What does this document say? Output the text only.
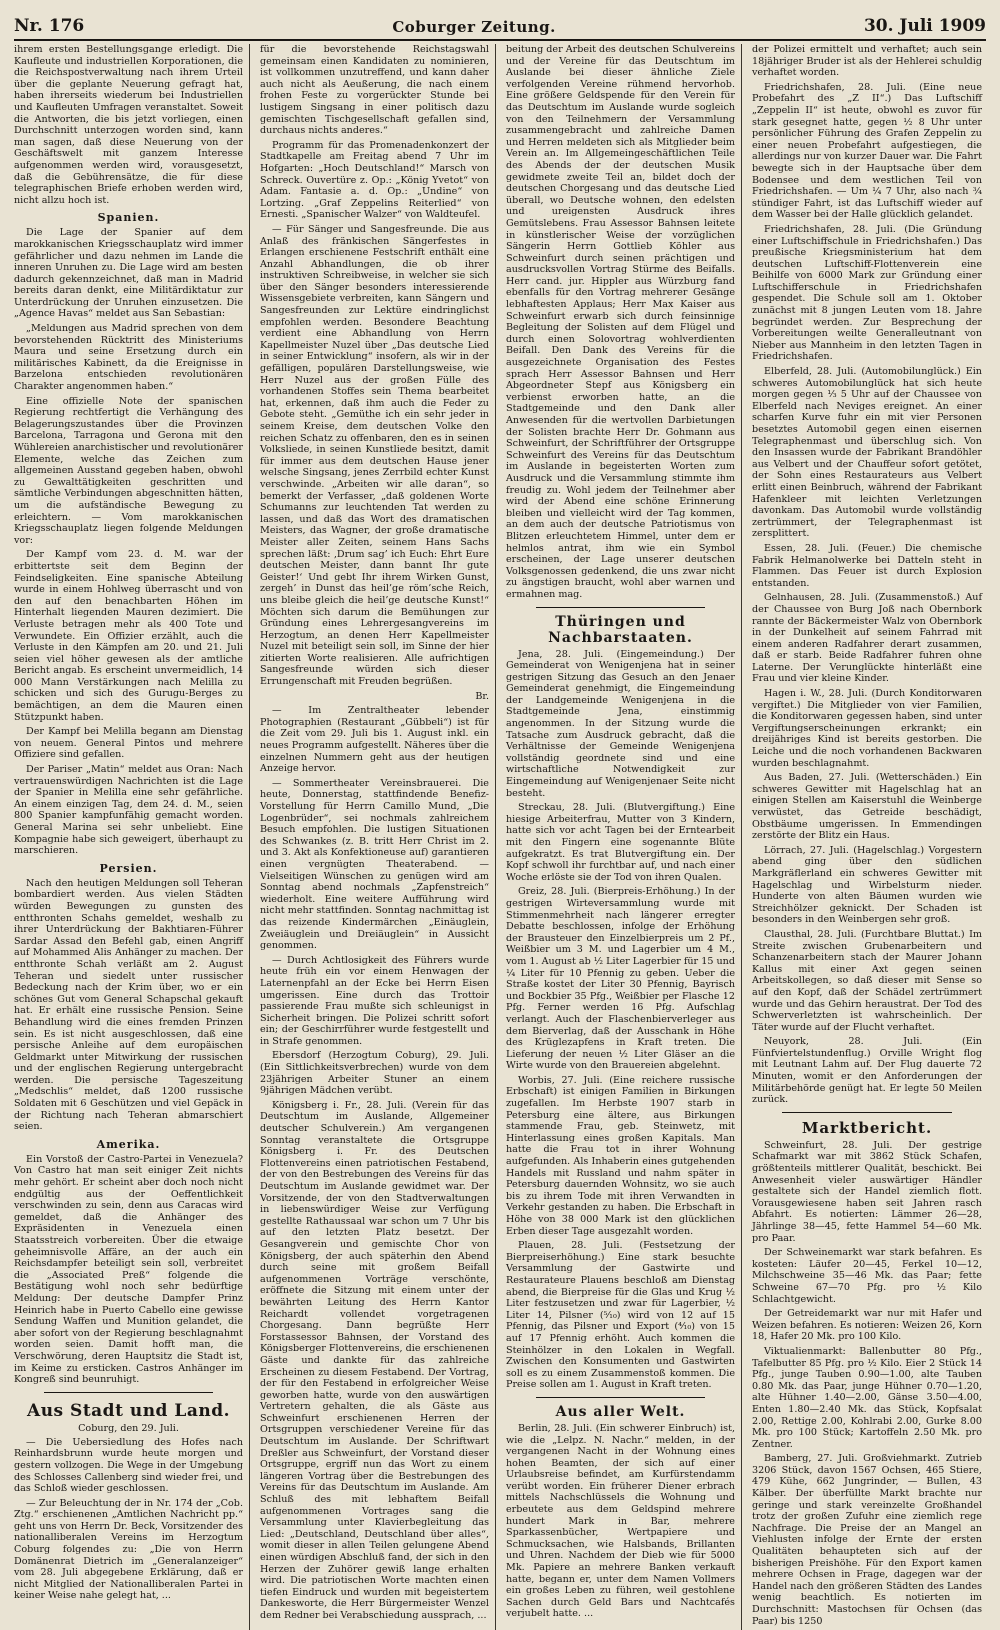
Nr. 176	Coburger Zeitung.	30. Juli 1909

ihrem ersten Bestellungsgange erledigt. Die Kaufleute und industriellen Korporationen, die die Reichspostverwaltung nach ihrem Urteil über die geplante Neuerung gefragt hat, haben ihrerseits wiederum bei Industriellen und Kaufleuten Umfragen veranstaltet. Soweit die Antworten, die bis jetzt vorliegen, einen Durchschnitt unterzogen worden sind, kann man sagen, daß diese Neuerung von der Geschäftswelt mit ganzem Interesse aufgenommen werden wird, vorausgesetzt, daß die Gebührensätze, die für diese telegraphischen Briefe erhoben werden wird, nicht allzu hoch ist.

Spanien.

Die Lage der Spanier auf dem marokkanischen Kriegsschauplatz wird immer gefährlicher und dazu nehmen im Lande die inneren Unruhen zu. Die Lage wird am besten dadurch gekennzeichnet, daß man in Madrid bereits daran denkt, eine Militärdiktatur zur Unterdrückung der Unruhen einzusetzen. Die „Agence Havas“ meldet aus San Sebastian:

„Meldungen aus Madrid sprechen von dem bevorstehenden Rücktritt des Ministeriums Maura und seine Ersetzung durch ein militärisches Kabinett, da die Ereignisse in Barzelona entschieden revolutionären Charakter angenommen haben.“

Eine offizielle Note der spanischen Regierung rechtfertigt die Verhängung des Belagerungszustandes über die Provinzen Barcelona, Tarragona und Gerona mit den Wühlereien anarchistischer und revolutionärer Elemente, welche das Zeichen zum allgemeinen Ausstand gegeben haben, obwohl zu Gewalttätigkeiten geschritten und sämtliche Verbindungen abgeschnitten hätten, um die aufständische Bewegung zu erleichtern. — Vom marokkanischen Kriegsschauplatz liegen folgende Meldungen vor:

Der Kampf vom 23. d. M. war der erbittertste seit dem Beginn der Feindseligkeiten. Eine spanische Abteilung wurde in einem Hohlweg überrascht und von den auf den benachbarten Höhen im Hinterhalt liegenden Mauren dezimiert. Die Verluste betragen mehr als 400 Tote und Verwundete. Ein Offizier erzählt, auch die Verluste in den Kämpfen am 20. und 21. Juli seien viel höher gewesen als der amtliche Bericht angab. Es erscheint unvermeidlich, 14 000 Mann Verstärkungen nach Melilla zu schicken und sich des Gurugu-Berges zu bemächtigen, an dem die Mauren einen Stützpunkt haben.

Der Kampf bei Melilla begann am Dienstag von neuem. General Pintos und mehrere Offiziere sind gefallen.

Der Pariser „Matin“ meldet aus Oran: Nach vertrauenswürdigen Nachrichten ist die Lage der Spanier in Melilla eine sehr gefährliche. An einem einzigen Tag, dem 24. d. M., seien 800 Spanier kampfunfähig gemacht worden. General Marina sei sehr unbeliebt. Eine Kompagnie habe sich geweigert, überhaupt zu marschieren.

Persien.

Nach den heutigen Meldungen soll Teheran bombardiert werden. Aus vielen Städten würden Bewegungen zu gunsten des entthronten Schahs gemeldet, weshalb zu ihrer Unterdrückung der Bakhtiaren-Führer Sardar Assad den Befehl gab, einen Angriff auf Mohammed Alis Anhänger zu machen. Der entthronte Schah verläßt am 2. August Teheran und siedelt unter russischer Bedeckung nach der Krim über, wo er ein schönes Gut vom General Schapschal gekauft hat. Er erhält eine russische Pension. Seine Behandlung wird die eines fremden Prinzen sein. Es ist nicht ausgeschlossen, daß eine persische Anleihe auf dem europäischen Geldmarkt unter Mitwirkung der russischen und der englischen Regierung untergebracht werden. Die persische Tageszeitung „Medschlis“ meldet, daß 1200 russische Soldaten mit 6 Geschützen und viel Gepäck in der Richtung nach Teheran abmarschiert seien.

Amerika.

Ein Vorstoß der Castro-Partei in Venezuela? Von Castro hat man seit einiger Zeit nichts mehr gehört. Er scheint aber doch noch nicht endgültig aus der Oeffentlichkeit verschwinden zu sein, denn aus Caracas wird gemeldet, daß die Anhänger des Expräsidenten in Venezuela einen Staatsstreich vorbereiten. Über die etwaige geheimnisvolle Affäre, an der auch ein Reichsdampfer beteiligt sein soll, verbreitet die „Associated Preß“ folgende die Bestätigung wohl noch sehr bedürftige Meldung: Der deutsche Dampfer Prinz Heinrich habe in Puerto Cabello eine gewisse Sendung Waffen und Munition gelandet, die aber sofort von der Regierung beschlagnahmt worden seien. Damit hofft man, die Verschwörung, deren Hauptsitz die Stadt ist, im Keime zu ersticken. Castros Anhänger im Kongreß sind beunruhigt.

Aus Stadt und Land.
Coburg, den 29. Juli.

— Die Uebersiedlung des Hofes nach Reinhardsbrunn wurde heute morgen und gestern vollzogen. Die Wege in der Umgebung des Schlosses Callenberg sind wieder frei, und das Schloß wieder geschlossen.

— Zur Beleuchtung der in Nr. 174 der „Cob. Ztg.“ erschienenen „Amtlichen Nachricht pp.“ geht uns von Herrn Dr. Beck, Vorsitzender des nationalliberalen Vereins im Herzogtum Coburg folgendes zu: „Die von Herrn Domänenrat Dietrich im „Generalanzeiger“ vom 28. Juli abgegebene Erklärung, daß er nicht Mitglied der Nationalliberalen Partei in keiner Weise nahe gelegt hat, ...

für die bevorstehende Reichstagswahl gemeinsam einen Kandidaten zu nominieren, ist vollkommen unzutreffend, und kann daher auch nicht als Aeußerung, die nach einem frohen Feste zu vorgerückter Stunde bei lustigem Singsang in einer politisch dazu gemischten Tischgesellschaft gefallen sind, durchaus nichts anderes.“

Programm für das Promenadenkonzert der Stadtkapelle am Freitag abend 7 Uhr im Hofgarten: „Hoch Deutschland!“ Marsch von Schreck. Ouvertüre z. Op.: „König Yvetot“ von Adam. Fantasie a. d. Op.: „Undine“ von Lortzing. „Graf Zeppelins Reiterlied“ von Ernesti. „Spanischer Walzer“ von Waldteufel.

— Für Sänger und Sangesfreunde. Die aus Anlaß des fränkischen Sängerfestes in Erlangen erschienene Festschrift enthält eine Anzahl Abhandlungen, die ob ihrer instruktiven Schreibweise, in welcher sie sich über den Sänger besonders interessierende Wissensgebiete verbreiten, kann Sängern und Sangesfreunden zur Lektüre eindringlichst empfohlen werden. Besondere Beachtung verdient eine Abhandlung von Herrn Kapellmeister Nuzel über „Das deutsche Lied in seiner Entwicklung“ insofern, als wir in der gefälligen, populären Darstellungsweise, wie Herr Nuzel aus der großen Fülle des vorhandenen Stoffes sein Thema bearbeitet hat, erkennen, daß ihm auch die Feder zu Gebote steht. „Gemüthe ich ein sehr jeder in seinem Kreise, dem deutschen Volke den reichen Schatz zu offenbaren, den es in seinen Volksliede, in seinen Kunstliede besitzt, damit für immer aus dem deutschen Hause jener welsche Singsang, jenes Zerrbild echter Kunst verschwinde. „Arbeiten wir alle daran“, so bemerkt der Verfasser, „daß goldenen Worte Schumanns zur leuchtenden Tat werden zu lassen, und daß das Wort des dramatischen Meisters, das Wagner, der große dramatische Meister aller Zeiten, seinem Hans Sachs sprechen läßt: ‚Drum sag’ ich Euch: Ehrt Eure deutschen Meister, dann bannt Ihr gute Geister!‘ Und gebt Ihr ihrem Wirken Gunst, zergeh’ in Dunst das heil’ge röm’sche Reich, uns bleibe gleich die heil’ge deutsche Kunst!“ Möchten sich darum die Bemühungen zur Gründung eines Lehrergesangvereins im Herzogtum, an denen Herr Kapellmeister Nuzel mit beteiligt sein soll, im Sinne der hier zitierten Worte realisieren. Alle aufrichtigen Sangesfreunde würden sich dieser Errungenschaft mit Freuden begrüßen.

Br.

— Im Zentraltheater lebender Photographien (Restaurant „Gübbeli“) ist für die Zeit vom 29. Juli bis 1. August inkl. ein neues Programm aufgestellt. Näheres über die einzelnen Nummern geht aus der heutigen Anzeige hervor.

— Sommertheater Vereinsbrauerei. Die heute, Donnerstag, stattfindende Benefiz-Vorstellung für Herrn Camillo Mund, „Die Logenbrüder“, sei nochmals zahlreichem Besuch empfohlen. Die lustigen Situationen des Schwankes (z. B. tritt Herr Christ im 2. und 3. Akt als Konfektioneuse auf) garantieren einen vergnügten Theaterabend. — Vielseitigen Wünschen zu genügen wird am Sonntag abend nochmals „Zapfenstreich“ wiederholt. Eine weitere Aufführung wird nicht mehr stattfinden. Sonntag nachmittag ist das reizende Kindermärchen „Einäuglein, Zweiäuglein und Dreiäuglein“ in Aussicht genommen.

— Durch Achtlosigkeit des Führers wurde heute früh ein vor einem Henwagen der Laternenpfahl an der Ecke bei Herrn Eisen umgerissen. Eine durch das Trottoir passierende Frau mußte sich schleunigst in Sicherheit bringen. Die Polizei schritt sofort ein; der Geschirrführer wurde festgestellt und in Strafe genommen.

Ebersdorf (Herzogtum Coburg), 29. Juli. (Ein Sittlichkeitsverbrechen) wurde von dem 23jährigen Arbeiter Stuner an einem 9jährigen Mädchen verübt.

Königsberg i. Fr., 28. Juli. (Verein für das Deutschtum im Auslande, Allgemeiner deutscher Schulverein.) Am vergangenen Sonntag veranstaltete die Ortsgruppe Königsberg i. Fr. des Deutschen Flottenvereins einen patriotischen Festabend, der von den Bestrebungen des Vereins für das Deutschtum im Auslande gewidmet war. Der Vorsitzende, der von den Stadtverwaltungen in liebenswürdiger Weise zur Verfügung gestellte Rathaussaal war schon um 7 Uhr bis auf den letzten Platz besetzt. Der Gesangverein und gemischte Chor von Königsberg, der auch späterhin den Abend durch seine mit großem Beifall aufgenommenen Vorträge verschönte, eröffnete die Sitzung mit einem unter der bewährten Leitung des Herrn Kantor Reichardt vollendet vorgetragenen Chorgesang. Dann begrüßte Herr Forstassessor Bahnsen, der Vorstand des Königsberger Flottenvereins, die erschienenen Gäste und dankte für das zahlreiche Erscheinen zu diesem Festabend. Der Vortrag, der für den Festabend in erfolgreicher Weise geworben hatte, wurde von den auswärtigen Vertretern gehalten, die als Gäste aus Schweinfurt erschienenen Herren der Ortsgruppen verschiedener Vereine für das Deutschtum im Auslande. Der Schriftwart Dreßler aus Schweinfurt, der Vorstand dieser Ortsgruppe, ergriff nun das Wort zu einem längeren Vortrag über die Bestrebungen des Vereins für das Deutschtum im Auslande. Am Schluß des mit lebhaftem Beifall aufgenommenen Vortrages sang die Versammlung unter Klavierbegleitung das Lied: „Deutschland, Deutschland über alles“, womit dieser in allen Teilen gelungene Abend einen würdigen Abschluß fand, der sich in den Herzen der Zuhörer gewiß lange erhalten wird. Die patriotischen Worte machten einen tiefen Eindruck und wurden mit begeistertem Dankesworte, die Herr Bürgermeister Wenzel dem Redner bei Verabschiedung aussprach, ...

beitung der Arbeit des deutschen Schulvereins und der Vereine für das Deutschtum im Auslande bei dieser ähnliche Ziele verfolgenden Vereine rühmend hervorhob. Eine größere Geldspende für den Verein für das Deutschtum im Auslande wurde sogleich von den Teilnehmern der Versammlung zusammengebracht und zahlreiche Damen und Herren meldeten sich als Mitglieder beim Verein an. Im Allgemeingeschäftlichen Teile des Abends der der deutschen Musik gewidmete zweite Teil an, bildet doch der deutschen Chorgesang und das deutsche Lied überall, wo Deutsche wohnen, den edelsten und ureigensten Ausdruck ihres Gemütslebens. Frau Assessor Bahnsen leitete in künstlerischer Weise der vorzüglichen Sängerin Herrn Gottlieb Köhler aus Schweinfurt durch seinen prächtigen und ausdrucksvollen Vortrag Stürme des Beifalls. Herr cand. jur. Hippler aus Würzburg fand ebenfalls für den Vortrag mehrerer Gesänge lebhaftesten Applaus; Herr Max Kaiser aus Schweinfurt erwarb sich durch feinsinnige Begleitung der Solisten auf dem Flügel und durch einen Solovortrag wohlverdienten Beifall. Den Dank des Vereins für die ausgezeichnete Organisation des Festes sprach Herr Assessor Bahnsen und Herr Abgeordneter Stepf aus Königsberg ein verbienst erworben hatte, an die Stadtgemeinde und den Dank aller Anwesenden für die wertvollen Darbietungen der Solisten brachte Herr Dr. Gohmann aus Schweinfurt, der Schriftführer der Ortsgruppe Schweinfurt des Vereins für das Deutschtum im Auslande in begeisterten Worten zum Ausdruck und die Versammlung stimmte ihm freudig zu. Wohl jedem der Teilnehmer aber wird der Abend eine schöne Erinnerung bleiben und vielleicht wird der Tag kommen, an dem auch der deutsche Patriotismus von Blitzen erleuchtetem Himmel, unter dem er helmlos antrat, ihm wie ein Symbol erscheinen, der Lage unserer deutschen Volksgenossen gedenkend, die uns zwar nicht zu ängstigen braucht, wohl aber warnen und ermahnen mag.

Thüringen und Nachbarstaaten.

Jena, 28. Juli. (Eingemeindung.) Der Gemeinderat von Wenigenjena hat in seiner gestrigen Sitzung das Gesuch an den Jenaer Gemeinderat genehmigt, die Eingemeindung der Landgemeinde Wenigenjena in die Stadtgemeinde Jena, einstimmig angenommen. In der Sitzung wurde die Tatsache zum Ausdruck gebracht, daß die Verhältnisse der Gemeinde Wenigenjena vollständig geordnete sind und eine wirtschaftliche Notwendigkeit zur Eingemeindung auf Wenigenjenaer Seite nicht besteht.

Streckau, 28. Juli. (Blutvergiftung.) Eine hiesige Arbeiterfrau, Mutter von 3 Kindern, hatte sich vor acht Tagen bei der Erntearbeit mit den Fingern eine sogenannte Blüte aufgekratzt. Es trat Blutvergiftung ein. Der Kopf schwoll ihr furchtbar auf, und nach einer Woche erlöste sie der Tod von ihren Qualen.

Greiz, 28. Juli. (Bierpreis-Erhöhung.) In der gestrigen Wirteversammlung wurde mit Stimmenmehrheit nach längerer erregter Debatte beschlossen, infolge der Erhöhung der Brausteuer den Einzelbierpreis um 2 Pf., Weißbier um 3 M. und Lagerbier um 4 M., vom 1. August ab ½ Liter Lagerbier für 15 und ¼ Liter für 10 Pfennig zu geben. Ueber die Straße kostet der Liter 30 Pfennig, Bayrisch und Bockbier 35 Pfg., Weißbier per Flasche 12 Pfg. Ferner werden 16 Pfg. Aufschlag verlangt. Auch der Flaschenbierverleger aus dem Bierverlag, daß der Ausschank in Höhe des Krüglezapfens in Kraft treten. Die Lieferung der neuen ½ Liter Gläser an die Wirte wurde von den Brauereien abgelehnt.

Worbis, 27. Juli. (Eine reichere russische Erbschaft) ist einigen Familien in Birkungen zugefallen. Im Herbste 1907 starb in Petersburg eine ältere, aus Birkungen stammende Frau, geb. Steinwetz, mit Hinterlassung eines großen Kapitals. Man hatte die Frau tot in ihrer Wohnung aufgefunden. Als Inhaberin eines gutgehenden Handels mit Russland und nahm später in Petersburg dauernden Wohnsitz, wo sie auch bis zu ihrem Tode mit ihren Verwandten in Verkehr gestanden zu haben. Die Erbschaft in Höhe von 38 000 Mark ist den glücklichen Erben dieser Tage ausgezahlt worden.

Plauen, 28. Juli. (Festsetzung der Bierpreiserhöhung.) Eine stark besuchte Versammlung der Gastwirte und Restaurateure Plauens beschloß am Dienstag abend, die Bierpreise für die Glas und Krug ½ Liter festzusetzen und zwar für Lagerbier, ½ Liter 14, Pilsner (⁵⁄₁₀) wird von 12 auf 15 Pfennig, das Pilsner und Export (⁴⁄₁₀) von 15 auf 17 Pfennig erhöht. Auch kommen die Steinhölzer in den Lokalen in Wegfall. Zwischen den Konsumenten und Gastwirten soll es zu einem Zusammenstoß kommen. Die Preise sollen am 1. August in Kraft treten.

Aus aller Welt.

Berlin, 28. Juli. (Ein schwerer Einbruch) ist, wie die „Lelpz. N. Nachr.“ melden, in der vergangenen Nacht in der Wohnung eines hohen Beamten, der sich auf einer Urlaubsreise befindet, am Kurfürstendamm verübt worden. Ein früherer Diener erbrach mittels Nachschlüssels die Wohnung und erbeutete aus dem Geldspind mehrere hundert Mark in Bar, mehrere Sparkassenbücher, Wertpapiere und Schmucksachen, wie Halsbands, Brillanten und Uhren. Nachdem der Dieb wie für 5000 Mk. Papiere an mehrere Banken verkauft hatte, begann er, unter dem Namen Vollmers ein großes Leben zu führen, weil gestohlene Sachen durch Geld Bars und Nachtcafés verjubelt hatte. ...

der Polizei ermittelt und verhaftet; auch sein 18jähriger Bruder ist als der Hehlerei schuldig verhaftet worden.

Friedrichshafen, 28. Juli. (Eine neue Probefahrt des „Z II“.) Das Luftschiff „Zeppelin II“ ist heute, obwohl es zuvor für stark gesegnet hatte, gegen ½ 8 Uhr unter persönlicher Führung des Grafen Zeppelin zu einer neuen Probefahrt aufgestiegen, die allerdings nur von kurzer Dauer war. Die Fahrt bewegte sich in der Hauptsache über dem Bodensee und dem westlichen Teil von Friedrichshafen. — Um ¼ 7 Uhr, also nach ¾ stündiger Fahrt, ist das Luftschiff wieder auf dem Wasser bei der Halle glücklich gelandet.

Friedrichshafen, 28. Juli. (Die Gründung einer Luftschiffschule in Friedrichshafen.) Das preußische Kriegsministerium hat dem deutschen Luftschiff-Flottenverein eine Beihilfe von 6000 Mark zur Gründung einer Luftschifferschule in Friedrichshafen gespendet. Die Schule soll am 1. Oktober zunächst mit 8 jungen Leuten vom 18. Jahre begründet werden. Zur Besprechung der Vorbereitungen weilte Generalleutnant von Nieber aus Mannheim in den letzten Tagen in Friedrichshafen.

Elberfeld, 28. Juli. (Automobilunglück.) Ein schweres Automobilunglück hat sich heute morgen gegen ⅓ 5 Uhr auf der Chaussee von Elberfeld nach Neviges ereignet. An einer scharfen Kurve fuhr ein mit vier Personen besetztes Automobil gegen einen eisernen Telegraphenmast und überschlug sich. Von den Insassen wurde der Fabrikant Brandöhler aus Velbert und der Chauffeur sofort getötet, der Sohn eines Restaurateurs aus Velbert erlitt einen Beinbruch, während der Fabrikant Hafenkleer mit leichten Verletzungen davonkam. Das Automobil wurde vollständig zertrümmert, der Telegraphenmast ist zersplittert.

Essen, 28. Juli. (Feuer.) Die chemische Fabrik Helmanolwerke bei Datteln steht in Flammen. Das Feuer ist durch Explosion entstanden.

Gelnhausen, 28. Juli. (Zusammenstoß.) Auf der Chaussee von Burg Joß nach Obernbork rannte der Bäckermeister Walz von Obernbork in der Dunkelheit auf seinem Fahrrad mit einem anderen Radfahrer derart zusammen, daß er starb. Beide Radfahrer fuhren ohne Laterne. Der Verunglückte hinterläßt eine Frau und vier kleine Kinder.

Hagen i. W., 28. Juli. (Durch Konditorwaren vergiftet.) Die Mitglieder von vier Familien, die Konditorwaren gegessen haben, sind unter Vergiftungserscheinungen erkrankt; ein dreijähriges Kind ist bereits gestorben. Die Leiche und die noch vorhandenen Backwaren wurden beschlagnahmt.

Aus Baden, 27. Juli. (Wetterschäden.) Ein schweres Gewitter mit Hagelschlag hat an einigen Stellen am Kaiserstuhl die Weinberge verwüstet, das Getreide beschädigt, Obstbäume umgerissen. In Emmendingen zerstörte der Blitz ein Haus.

Lörrach, 27. Juli. (Hagelschlag.) Vorgestern abend ging über den südlichen Markgräflerland ein schweres Gewitter mit Hagelschlag und Wirbelsturm nieder. Hunderte von alten Bäumen wurden wie Streichhölzer geknickt. Der Schaden ist besonders in den Weinbergen sehr groß.

Clausthal, 28. Juli. (Furchtbare Bluttat.) Im Streite zwischen Grubenarbeitern und Schanzenarbeitern stach der Maurer Johann Kallus mit einer Axt gegen seinen Arbeitskollegen, so daß dieser mit Sense so auf den Kopf, daß der Schädel zertrümmert wurde und das Gehirn heraustrat. Der Tod des Schwerverletzten ist wahrscheinlich. Der Täter wurde auf der Flucht verhaftet.

Neuyork, 28. Juli. (Ein Fünfviertelstundenflug.) Orville Wright flog mit Leutnant Lahm auf. Der Flug dauerte 72 Minuten, womit er den Anforderungen der Militärbehörde genügt hat. Er legte 50 Meilen zurück.

Marktbericht.

Schweinfurt, 28. Juli. Der gestrige Schafmarkt war mit 3862 Stück Schafen, größtenteils mittlerer Qualität, beschickt. Bei Anwesenheit vieler auswärtiger Händler gestaltete sich der Handel ziemlich flott. Vorausgewiesene haben seit Jahren rasch Abfahrt. Es notierten: Lämmer 26—28, Jährlinge 38—45, fette Hammel 54—60 Mk. pro Paar.

Der Schweinemarkt war stark befahren. Es kosteten: Läufer 20—45, Ferkel 10—12, Milchschweine 35—46 Mk. das Paar; fette Schweine 67—70 Pfg. pro ½ Kilo Schlachtgewicht.

Der Getreidemarkt war nur mit Hafer und Weizen befahren. Es notieren: Weizen 26, Korn 18, Hafer 20 Mk. pro 100 Kilo.

Viktualienmarkt: Ballenbutter 80 Pfg., Tafelbutter 85 Pfg. pro ½ Kilo. Eier 2 Stück 14 Pfg., junge Tauben 0.90—1.00, alte Tauben 0.80 Mk. das Paar, junge Hühner 0.70—1.20, alte Hühner 1.40—2.00, Gänse 3.50—4.00, Enten 1.80—2.40 Mk. das Stück, Kopfsalat 2.00, Rettige 2.00, Kohlrabi 2.00, Gurke 8.00 Mk. pro 100 Stück; Kartoffeln 2.50 Mk. pro Zentner.

Bamberg, 27. Juli. Großviehmarkt. Zutrieb 3206 Stück, davon 1567 Ochsen, 465 Stiere, 479 Kühe, 662 Jungrinder, — Bullen, 43 Kälber. Der überfüllte Markt brachte nur geringe und stark vereinzelte Großhandel trotz der großen Zufuhr eine ziemlich rege Nachfrage. Die Preise der an Mangel an Viehlusten infolge der Ernte der ersten Qualitäten behaupteten sich auf der bisherigen Preishöhe. Für den Export kamen mehrere Ochsen in Frage, dagegen war der Handel nach den größeren Städten des Landes wenig beachtlich. Es notierten im Durchschnitt: Mastochsen für Ochsen (das Paar) bis 1250
